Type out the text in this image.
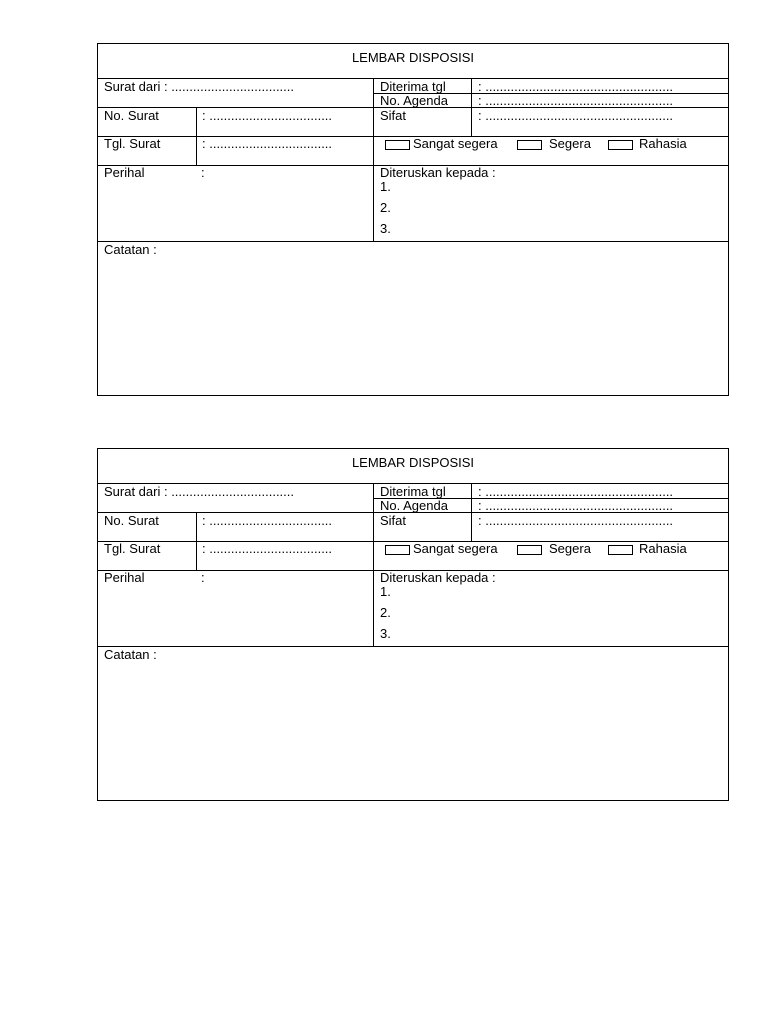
LEMBAR DISPOSISI
Surat dari : ..................................	Diterima tgl : ....................................................
No. Agenda : ....................................................
No. Surat	: ..................................	Sifat	: ....................................................
Tgl. Surat	: ..................................	Sangat segera	Segera	Rahasia
Perihal	:	Diteruskan kepada :
1.
2.
3.
Catatan :
LEMBAR DISPOSISI
Surat dari : ..................................	Diterima tgl : ....................................................
No. Agenda : ....................................................
No. Surat	: ..................................	Sifat	: ....................................................
Tgl. Surat	: ..................................	Sangat segera	Segera	Rahasia
Perihal	:	Diteruskan kepada :
1.
2.
3.
Catatan :
